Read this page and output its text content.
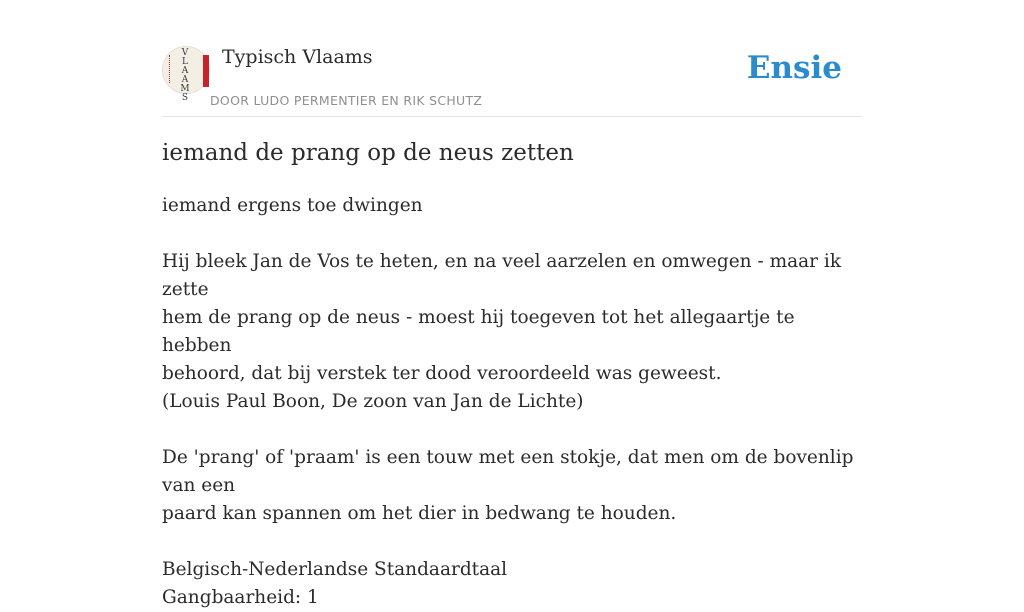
V
L
A
A
M
S
Typisch Vlaams
DOOR LUDO PERMENTIER EN RIK SCHUTZ
Ensie
iemand de prang op de neus zetten

iemand ergens toe dwingen

Hij bleek Jan de Vos te heten, en na veel aarzelen en omwegen - maar ik zette

hem de prang op de neus - moest hij toegeven tot het allegaartje te hebben

behoord, dat bij verstek ter dood veroordeeld was geweest.

(Louis Paul Boon, De zoon van Jan de Lichte)

De 'prang' of 'praam' is een touw met een stokje, dat men om de bovenlip van een

paard kan spannen om het dier in bedwang te houden.

Belgisch-Nederlandse Standaardtaal

Gangbaarheid: 1
